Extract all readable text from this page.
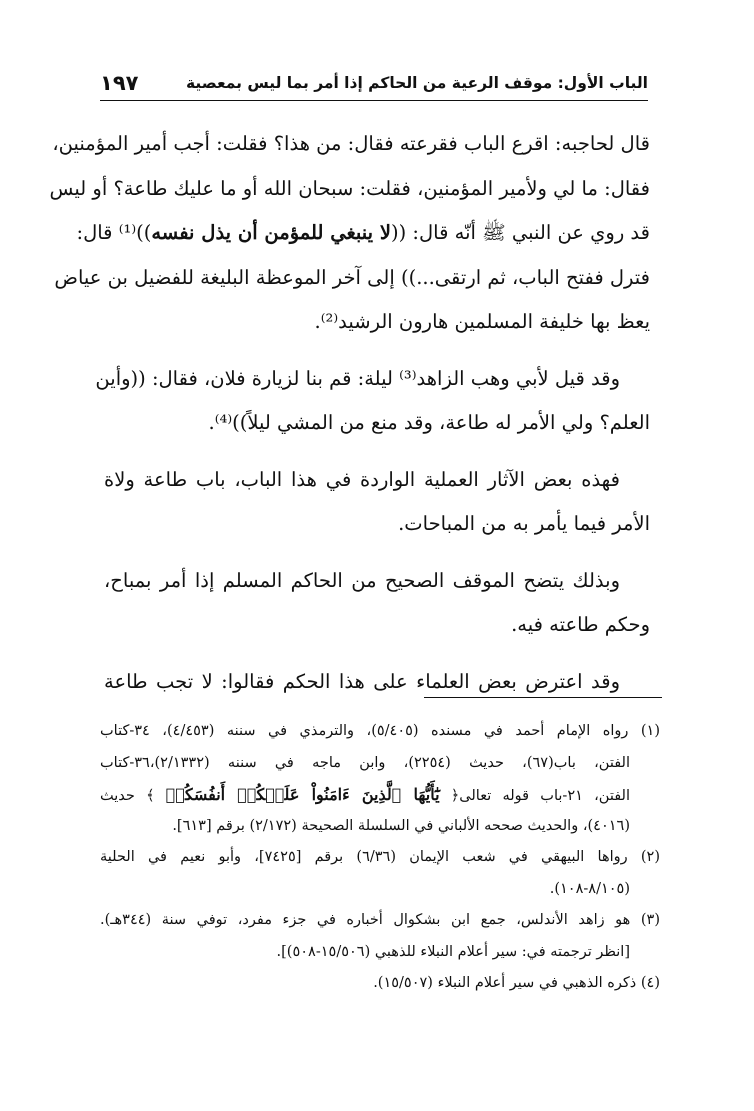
الباب الأول: موقف الرعية من الحاكم إذا أمر بما ليس بمعصية
١٩٧
قال لحاجبه: اقرع الباب فقرعته فقال: من هذا؟ فقلت: أجب أمير المؤمنين،
فقال: ما لي ولأمير المؤمنين، فقلت: سبحان الله أو ما عليك طاعة؟ أو ليس
قد روي عن النبي ﷺ أنّه قال: ((لا ينبغي للمؤمن أن يذل نفسه))⁽¹⁾ قال:
فترل ففتح الباب، ثم ارتقى...)) إلى آخر الموعظة البليغة للفضيل بن عياض
يعظ بها خليفة المسلمين هارون الرشيد⁽²⁾.
وقد قيل لأبي وهب الزاهد⁽³⁾ ليلة: قم بنا لزيارة فلان، فقال: ((وأين
العلم؟ ولي الأمر له طاعة، وقد منع من المشي ليلاً))⁽⁴⁾.
فهذه بعض الآثار العملية الواردة في هذا الباب، باب طاعة ولاة
الأمر فيما يأمر به من المباحات.
وبذلك يتضح الموقف الصحيح من الحاكم المسلم إذا أمر بمباح،
وحكم طاعته فيه.
وقد اعترض بعض العلماء على هذا الحكم فقالوا: لا تجب طاعة
(١) رواه الإمام أحمد في مسنده (٥/٤٠٥)، والترمذي في سننه (٤/٤٥٣)، ٣٤-كتاب
الفتن، باب(٦٧)، حديث (٢٢٥٤)، وابن ماجه في سننه (٢/١٣٣٢)،٣٦-كتاب
الفتن، ٢١-باب قوله تعالى﴿ يَٰٓأَيُّهَا ٱلَّذِينَ ءَامَنُواْ عَلَيۡكُمۡ أَنفُسَكُمۡ ﴾ حديث
(٤٠١٦)، والحديث صححه الألباني في السلسلة الصحيحة (٢/١٧٢) برقم [٦١٣].
(٢) رواها البيهقي في شعب الإيمان (٦/٣٦) برقم [٧٤٢٥]، وأبو نعيم في الحلية
(٨/١٠٥-١٠٨).
(٣) هو زاهد الأندلس، جمع ابن بشكوال أخباره في جزء مفرد، توفي سنة (٣٤٤هـ).
[انظر ترجمته في: سير أعلام النبلاء للذهبي (١٥/٥٠٦-٥٠٨)].
(٤) ذكره الذهبي في سير أعلام النبلاء (١٥/٥٠٧).
